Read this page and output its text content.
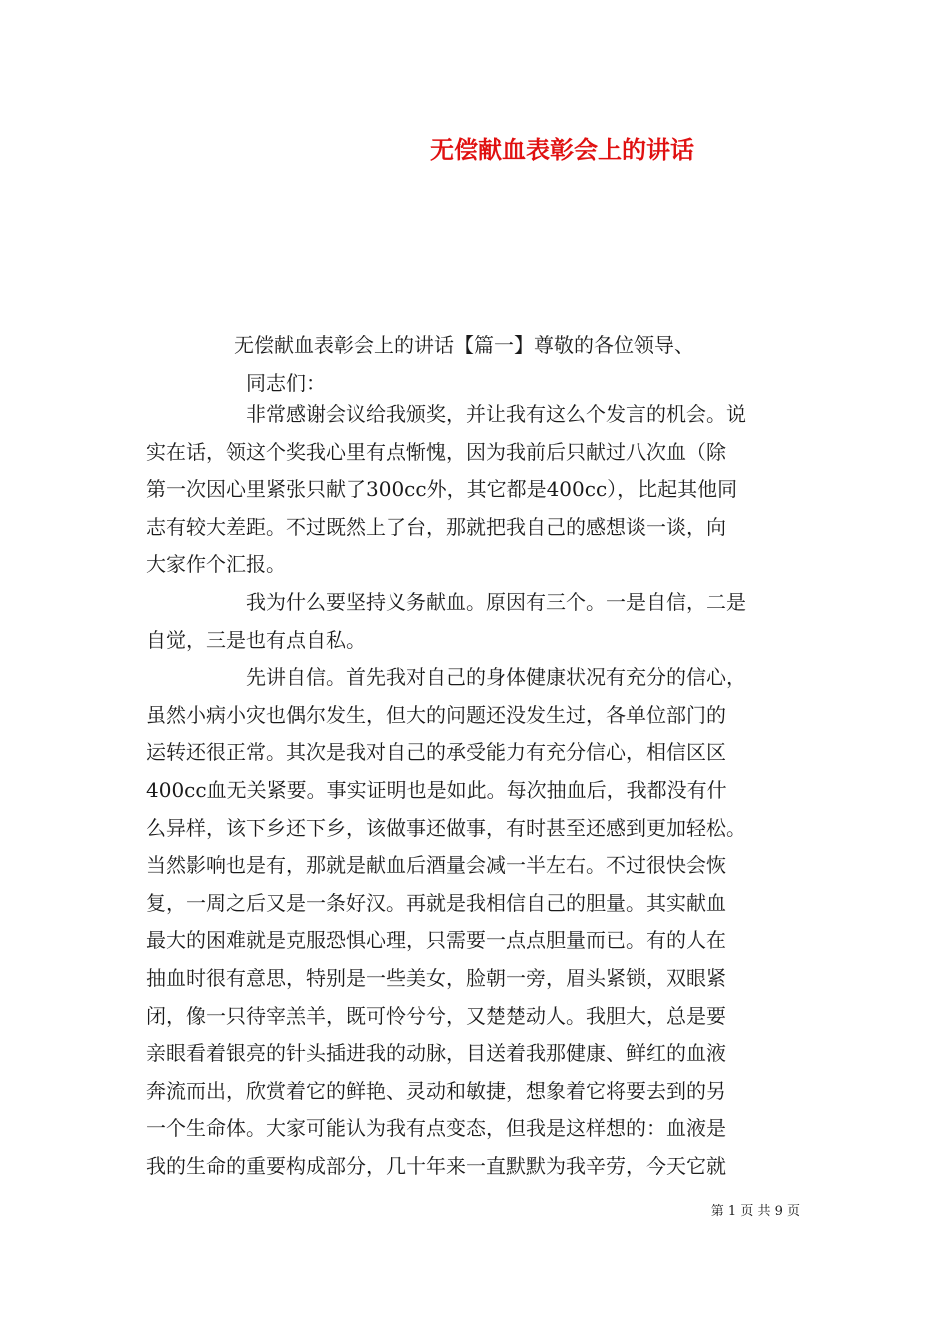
无偿献血表彰会上的讲话
无偿献血表彰会上的讲话【篇一】尊敬的各位领导、
同志们：
非常感谢会议给我颁奖，并让我有这么个发言的机会。说
实在话，领这个奖我心里有点惭愧，因为我前后只献过八次血（除
第一次因心里紧张只献了300cc外，其它都是400cc），比起其他同
志有较大差距。不过既然上了台，那就把我自己的感想谈一谈，向
大家作个汇报。
我为什么要坚持义务献血。原因有三个。一是自信，二是
自觉，三是也有点自私。
先讲自信。首先我对自己的身体健康状况有充分的信心，
虽然小病小灾也偶尔发生，但大的问题还没发生过，各单位部门的
运转还很正常。其次是我对自己的承受能力有充分信心，相信区区
400cc血无关紧要。事实证明也是如此。每次抽血后，我都没有什
么异样，该下乡还下乡，该做事还做事，有时甚至还感到更加轻松。
当然影响也是有，那就是献血后酒量会减一半左右。不过很快会恢
复，一周之后又是一条好汉。再就是我相信自己的胆量。其实献血
最大的困难就是克服恐惧心理，只需要一点点胆量而已。有的人在
抽血时很有意思，特别是一些美女，脸朝一旁，眉头紧锁，双眼紧
闭，像一只待宰羔羊，既可怜兮兮，又楚楚动人。我胆大，总是要
亲眼看着银亮的针头插进我的动脉，目送着我那健康、鲜红的血液
奔流而出，欣赏着它的鲜艳、灵动和敏捷，想象着它将要去到的另
一个生命体。大家可能认为我有点变态，但我是这样想的：血液是
我的生命的重要构成部分，几十年来一直默默为我辛劳，今天它就
第 1 页 共 9 页
